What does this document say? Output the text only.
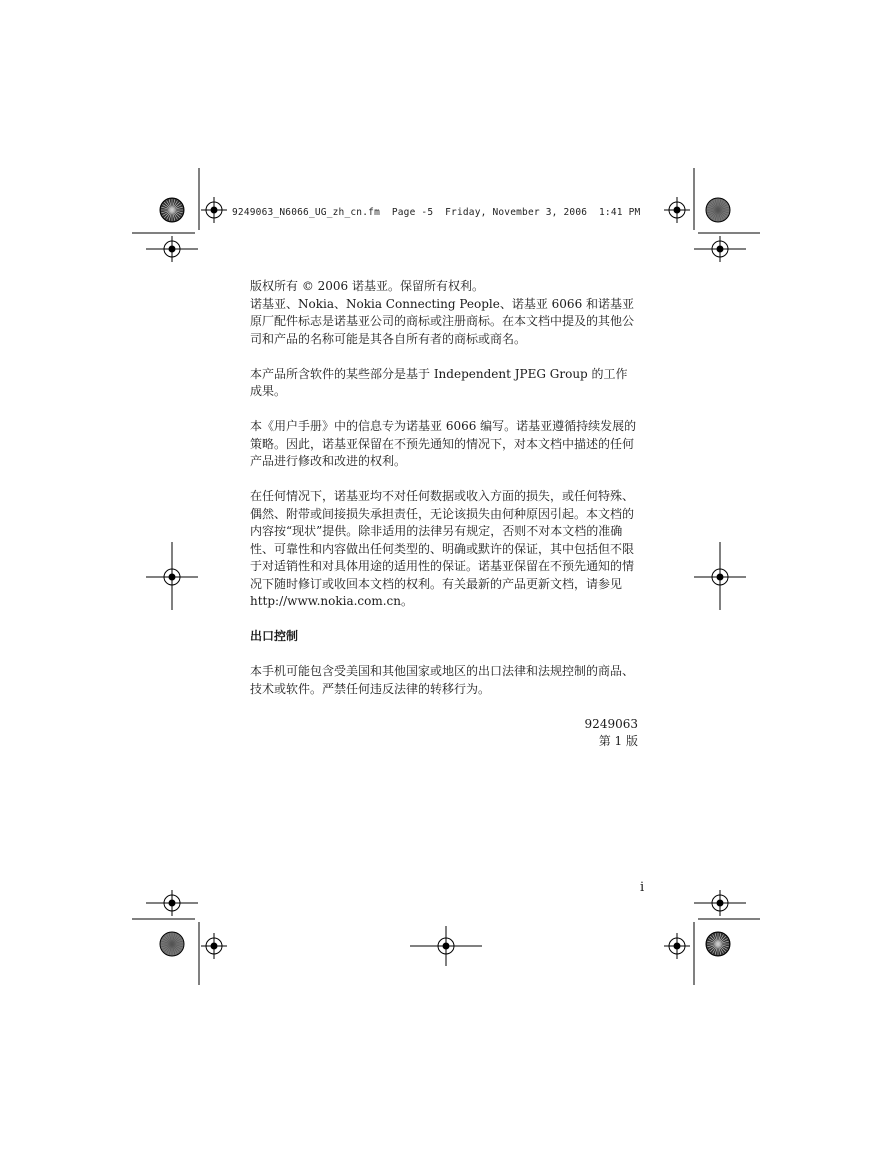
9249063_N6066_UG_zh_cn.fm  Page -5  Friday, November 3, 2006  1:41 PM

版权所有 © 2006 诺基亚。保留所有权利。

诺基亚、Nokia、Nokia Connecting People、诺基亚 6066 和诺基亚原厂配件标志是诺基亚公司的商标或注册商标。在本文档中提及的其他公司和产品的名称可能是其各自所有者的商标或商名。

本产品所含软件的某些部分是基于 Independent JPEG Group 的工作成果。

本《用户手册》中的信息专为诺基亚 6066 编写。诺基亚遵循持续发展的策略。因此，诺基亚保留在不预先通知的情况下，对本文档中描述的任何产品进行修改和改进的权利。

在任何情况下，诺基亚均不对任何数据或收入方面的损失，或任何特殊、偶然、附带或间接损失承担责任，无论该损失由何种原因引起。本文档的内容按“现状”提供。除非适用的法律另有规定，否则不对本文档的准确性、可靠性和内容做出任何类型的、明确或默许的保证，其中包括但不限于对适销性和对具体用途的适用性的保证。诺基亚保留在不预先通知的情况下随时修订或收回本文档的权利。有关最新的产品更新文档，请参见 http://www.nokia.com.cn。

出口控制

本手机可能包含受美国和其他国家或地区的出口法律和法规控制的商品、技术或软件。严禁任何违反法律的转移行为。

9249063

第 1 版

i
